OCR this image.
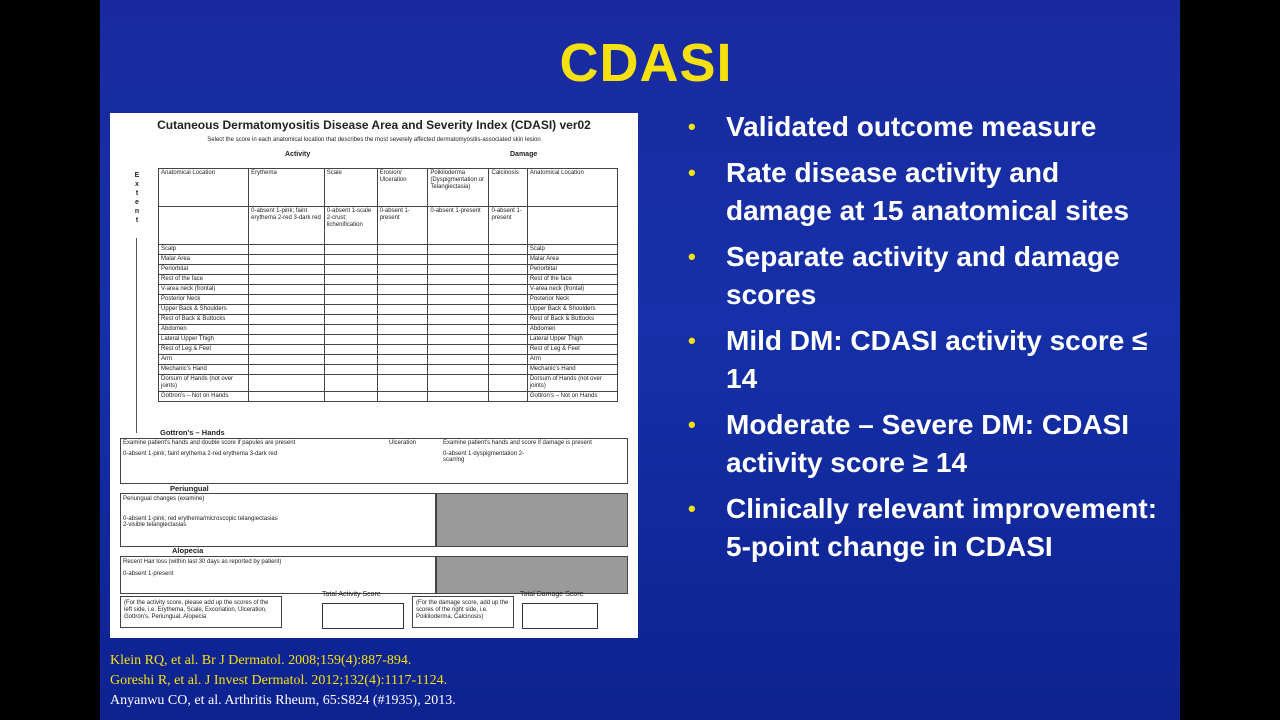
CDASI
Cutaneous Dermatomyositis Disease Area and Severity Index (CDASI) ver02
Select the score in each anatomical location that describes the most severely affected dermatomyositis-associated skin lesion
Activity	Damage
E
x
t
e
n
t
Anatomical Location	Erythema	Scale	Erosion/ Ulceration	Poikiloderma (Dyspigmentation or Telangiectasia)	Calcinosis	Anatomical Location
	0-absent 1-pink; faint erythema 2-red 3-dark red	0-absent 1-scale 2-crust; lichenification	0-absent 1-present	0-absent 1-present	0-absent 1-present	
Scalp						Scalp
Malar Area						Malar Area
Periorbital						Periorbital
Rest of the face						Rest of the face
V-area neck (frontal)						V-area neck (frontal)
Posterior Neck						Posterior Neck
Upper Back & Shoulders						Upper Back & Shoulders
Rest of Back & Buttocks						Rest of Back & Buttocks
Abdomen						Abdomen
Lateral Upper Thigh						Lateral Upper Thigh
Rest of Leg & Feet						Rest of Leg & Feet
Arm						Arm
Mechanic's Hand						Mechanic's Hand
Dorsum of Hands (not over joints)						Dorsum of Hands (not over joints)
Gottron's – Not on Hands						Gottron's – Not on Hands
Gottron's – Hands
Examine patient's hands and double score if papules are present	Ulceration	Examine patient's hands and score if damage is present
0-absent 1-pink; faint erythema 2-red erythema 3-dark red	0-absent 1-dyspigmentation 2-scarring
Periungual
Periungual changes (examine)
0-absent 1-pink; red erythema/microscopic telangiectasias 2-visible telangiectasias
Alopecia
Recent Hair loss (within last 30 days as reported by patient)
0-absent 1-present
(For the activity score, please add up the scores of the left side, i.e. Erythema, Scale, Excoriation, Ulceration, Gottron's, Periungual, Alopecia
Total Activity Score
(For the damage score, add up the scores of the right side, i.e. Poikiloderma, Calcinosis)
Total Damage Score
• Validated outcome measure
• Rate disease activity and damage at 15 anatomical sites
• Separate activity and damage scores
• Mild DM: CDASI activity score ≤ 14
• Moderate – Severe DM: CDASI activity score ≥ 14
• Clinically relevant improvement: 5-point change in CDASI
Klein RQ, et al. Br J Dermatol. 2008;159(4):887-894.
Goreshi R, et al. J Invest Dermatol. 2012;132(4):1117-1124.
Anyanwu CO, et al. Arthritis Rheum, 65:S824 (#1935), 2013.
